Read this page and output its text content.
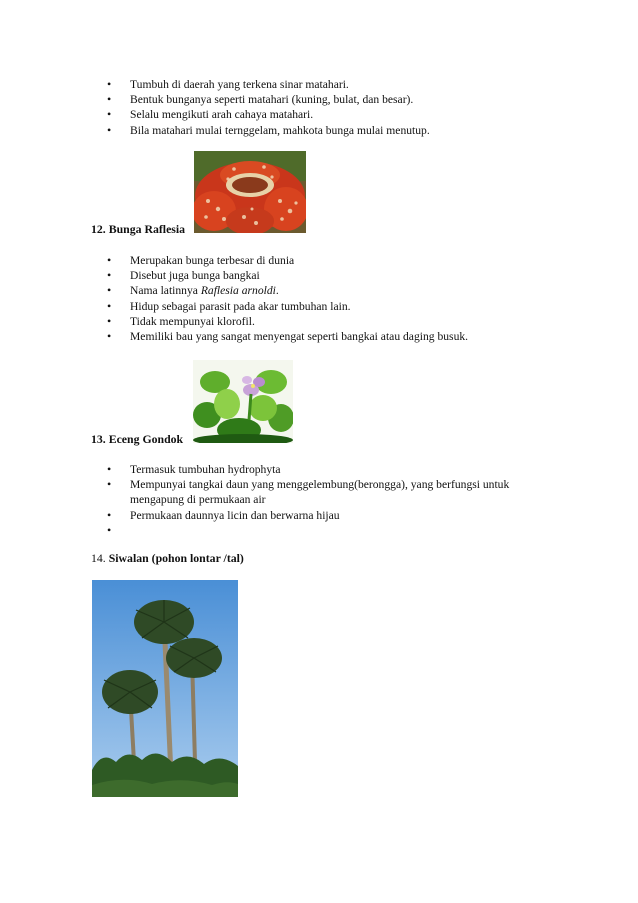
• Tumbuh di daerah yang terkena sinar matahari.
• Bentuk bunganya seperti matahari (kuning, bulat, dan besar).
• Selalu mengikuti arah cahaya matahari.
• Bila matahari mulai ternggelam, mahkota bunga mulai menutup.
12. Bunga Raflesia
• Merupakan bunga terbesar di dunia
• Disebut juga bunga bangkai
• Nama latinnya Raflesia arnoldi.
• Hidup sebagai parasit pada akar tumbuhan lain.
• Tidak mempunyai klorofil.
• Memiliki bau yang sangat menyengat seperti bangkai atau daging busuk.
13. Eceng Gondok
• Termasuk tumbuhan hydrophyta
• Mempunyai tangkai daun yang menggelembung(berongga), yang berfungsi untuk mengapung di permukaan air
• Permukaan daunnya licin dan berwarna hijau
•
14. Siwalan (pohon lontar /tal)
